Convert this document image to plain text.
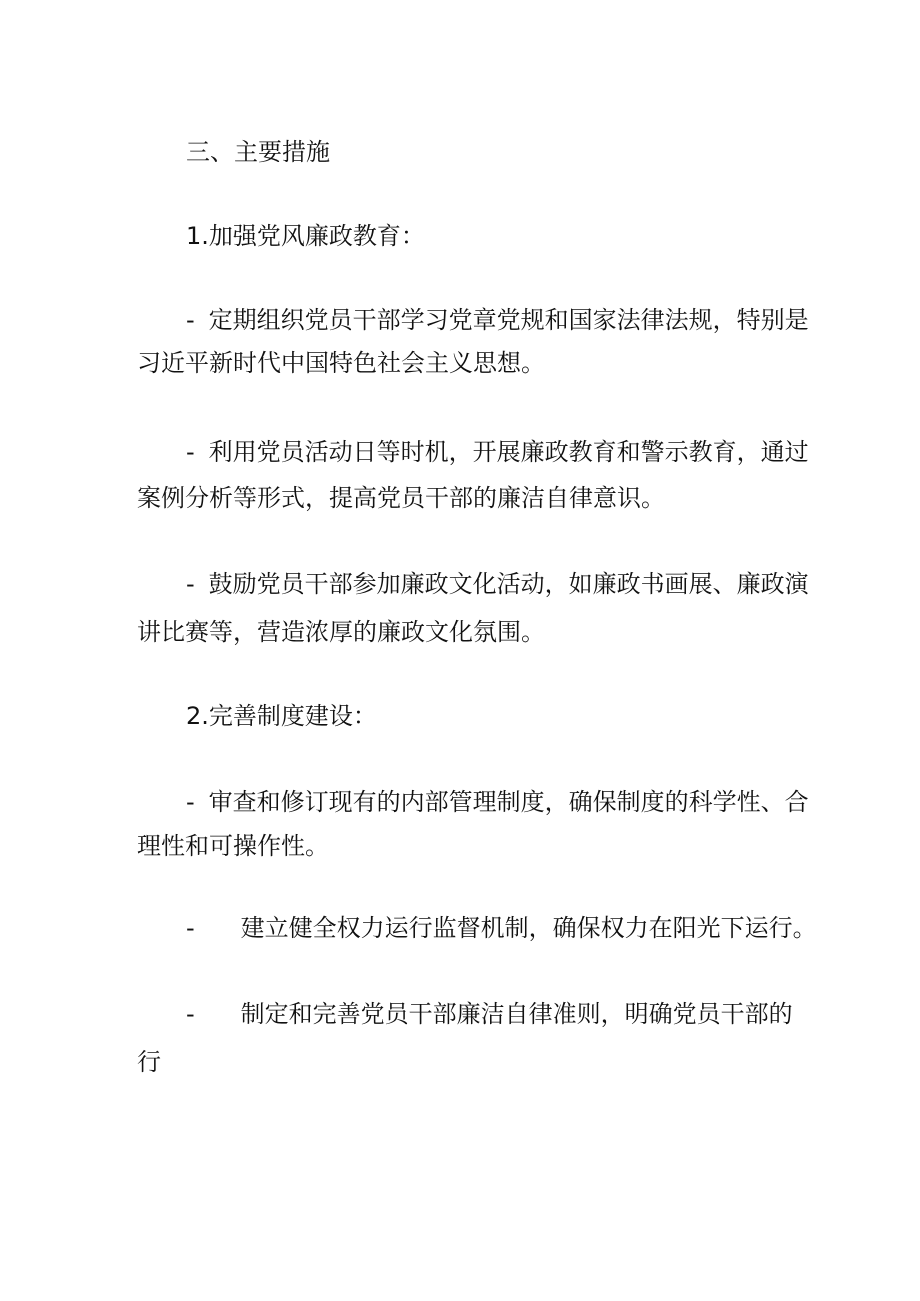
三、主要措施
1.加强党风廉政教育：
- 定期组织党员干部学习党章党规和国家法律法规，特别是
习近平新时代中国特色社会主义思想。
- 利用党员活动日等时机，开展廉政教育和警示教育，通过
案例分析等形式，提高党员干部的廉洁自律意识。
- 鼓励党员干部参加廉政文化活动，如廉政书画展、廉政演
讲比赛等，营造浓厚的廉政文化氛围。
2.完善制度建设：
- 审查和修订现有的内部管理制度，确保制度的科学性、合
理性和可操作性。
- 建立健全权力运行监督机制，确保权力在阳光下运行。
- 制定和完善党员干部廉洁自律准则，明确党员干部的
行
